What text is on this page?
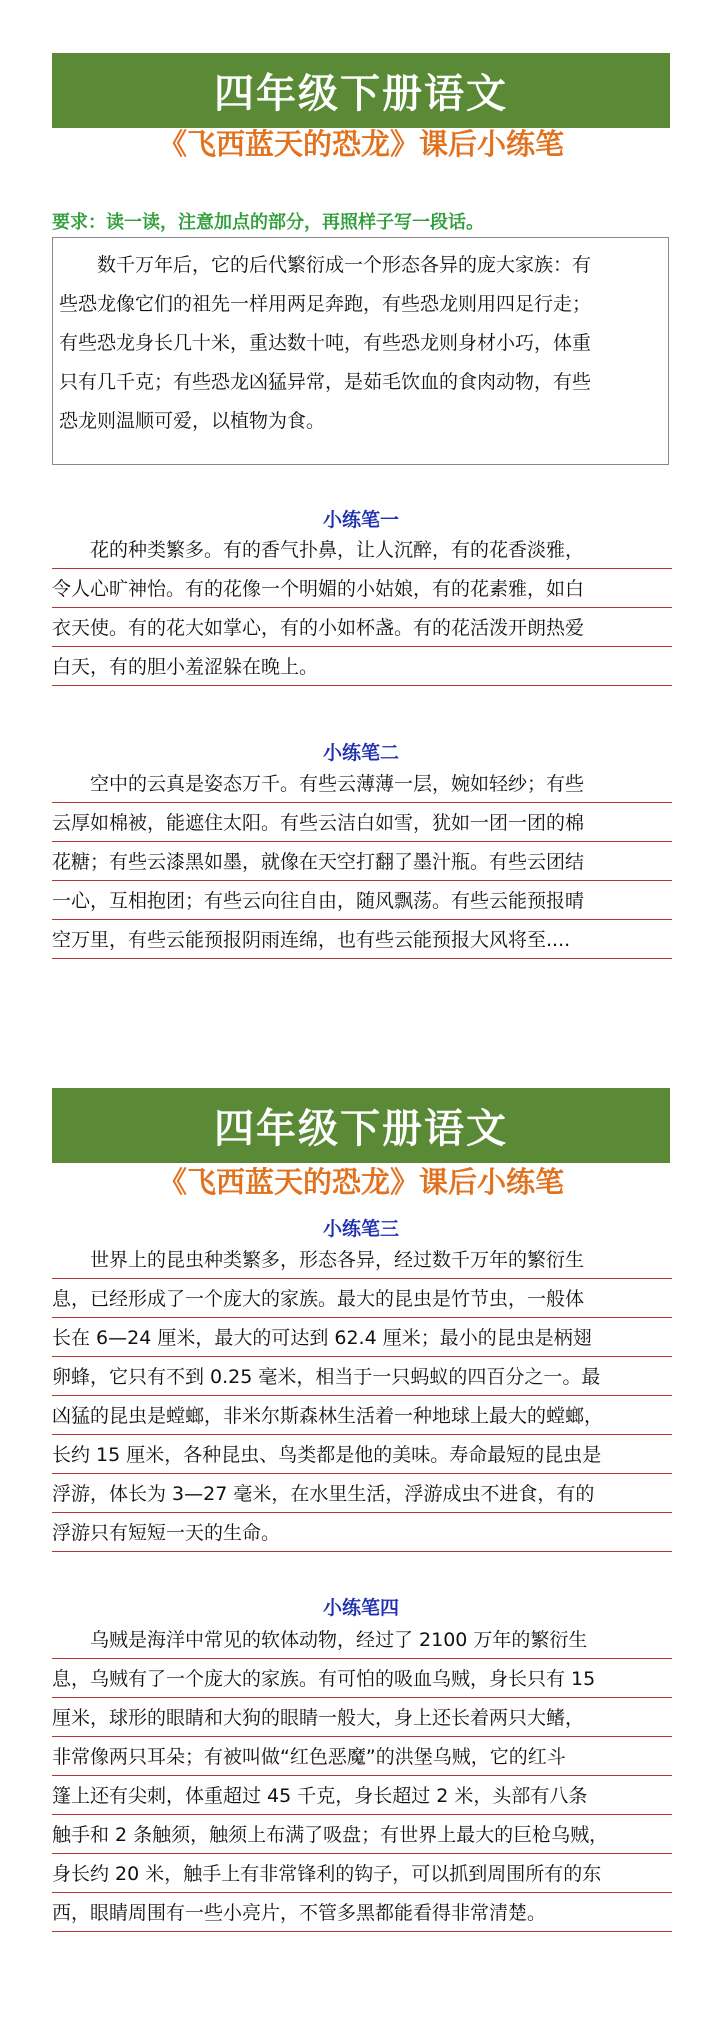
四年级下册语文
《飞西蓝天的恐龙》课后小练笔
要求：读一读，注意加点的部分，再照样子写一段话。
　　数千万年后，它的后代繁衍成一个形态各异的庞大家族：有
些恐龙像它们的祖先一样用两足奔跑，有些恐龙则用四足行走；
有些恐龙身长几十米，重达数十吨，有些恐龙则身材小巧，体重
只有几千克；有些恐龙凶猛异常，是茹毛饮血的食肉动物，有些
恐龙则温顺可爱，以植物为食。
小练笔一
　　花的种类繁多。有的香气扑鼻，让人沉醉，有的花香淡雅，
令人心旷神怡。有的花像一个明媚的小姑娘，有的花素雅，如白
衣天使。有的花大如掌心，有的小如杯盏。有的花活泼开朗热爱
白天，有的胆小羞涩躲在晚上。
小练笔二
　　空中的云真是姿态万千。有些云薄薄一层，婉如轻纱；有些
云厚如棉被，能遮住太阳。有些云洁白如雪，犹如一团一团的棉
花糖；有些云漆黑如墨，就像在天空打翻了墨汁瓶。有些云团结
一心，互相抱团；有些云向往自由，随风飘荡。有些云能预报晴
空万里，有些云能预报阴雨连绵，也有些云能预报大风将至....
四年级下册语文
《飞西蓝天的恐龙》课后小练笔
小练笔三
　　世界上的昆虫种类繁多，形态各异，经过数千万年的繁衍生
息，已经形成了一个庞大的家族。最大的昆虫是竹节虫，一般体
长在 6—24 厘米，最大的可达到 62.4 厘米；最小的昆虫是柄翅
卵蜂，它只有不到 0.25 毫米，相当于一只蚂蚁的四百分之一。最
凶猛的昆虫是螳螂，非米尔斯森林生活着一种地球上最大的螳螂，
长约 15 厘米，各种昆虫、鸟类都是他的美味。寿命最短的昆虫是
浮游，体长为 3—27 毫米，在水里生活，浮游成虫不进食，有的
浮游只有短短一天的生命。
小练笔四
　　乌贼是海洋中常见的软体动物，经过了 2100 万年的繁衍生
息，乌贼有了一个庞大的家族。有可怕的吸血乌贼，身长只有 15
厘米，球形的眼睛和大狗的眼睛一般大，身上还长着两只大鳍，
非常像两只耳朵；有被叫做“红色恶魔”的洪堡乌贼，它的红斗
篷上还有尖刺，体重超过 45 千克，身长超过 2 米，头部有八条
触手和 2 条触须，触须上布满了吸盘；有世界上最大的巨枪乌贼，
身长约 20 米，触手上有非常锋利的钩子，可以抓到周围所有的东
西，眼睛周围有一些小亮片，不管多黑都能看得非常清楚。
